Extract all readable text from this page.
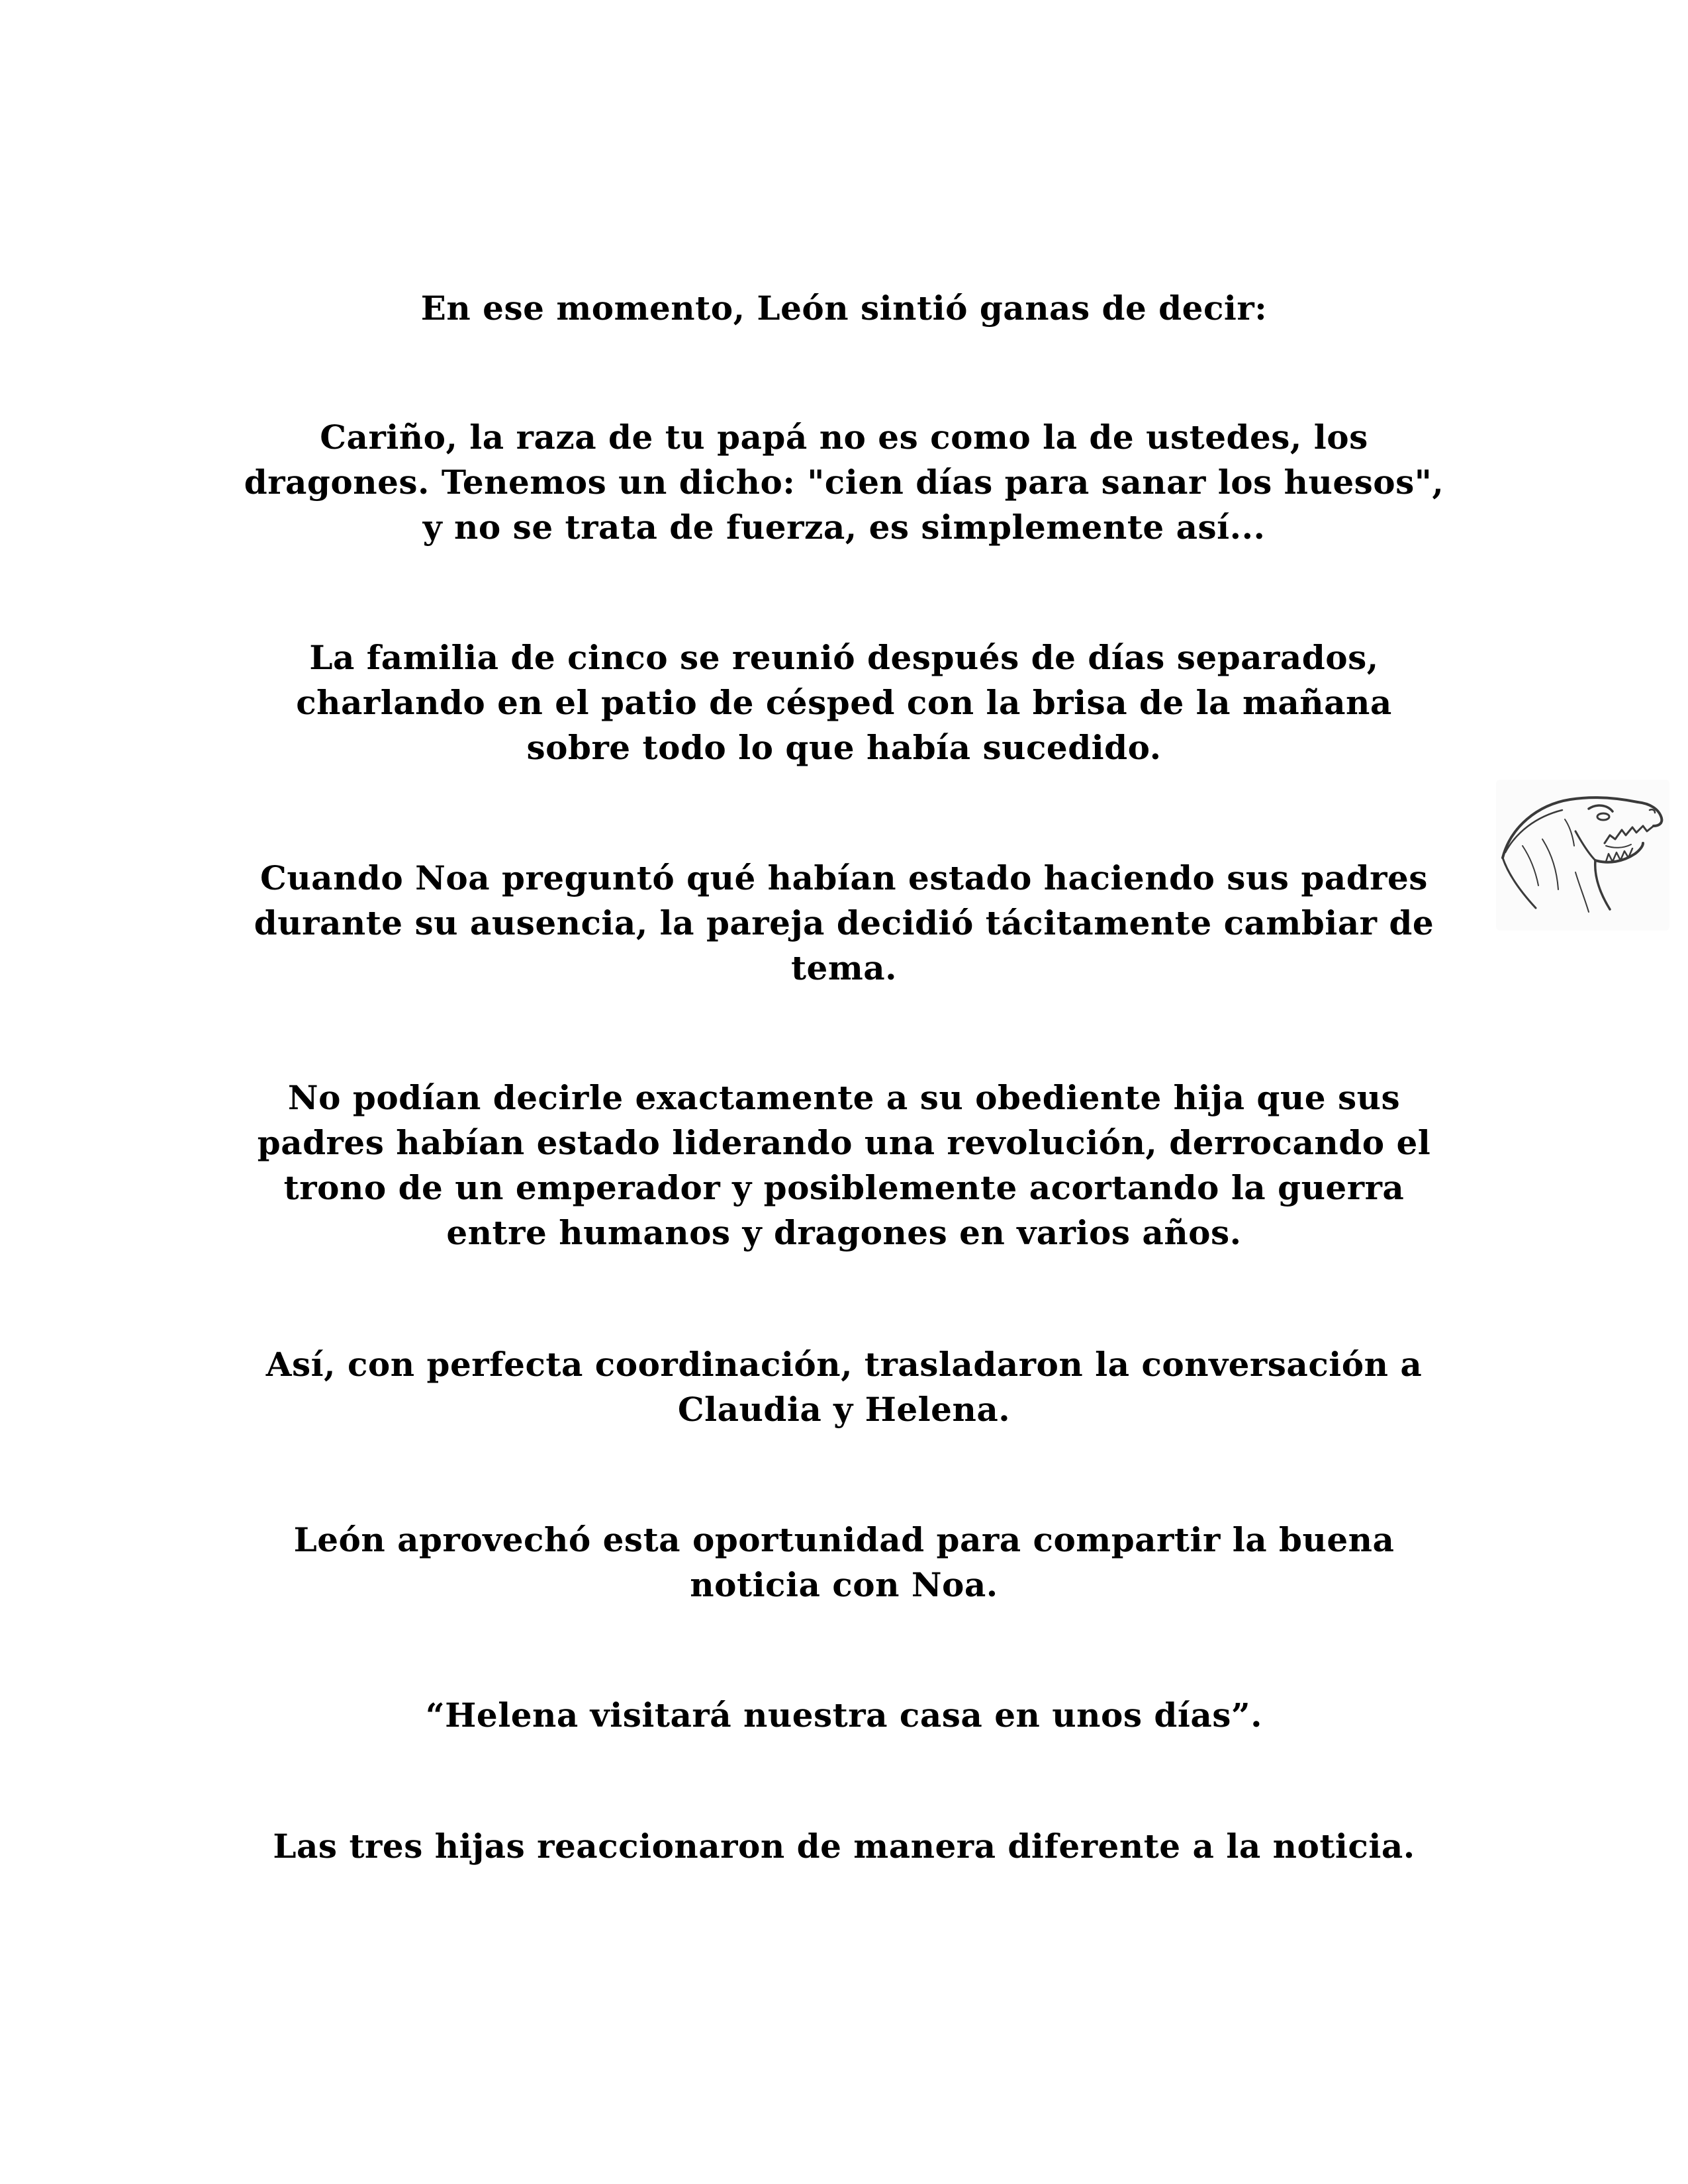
En ese momento, León sintió ganas de decir:

Cariño, la raza de tu papá no es como la de ustedes, los
dragones. Tenemos un dicho: "cien días para sanar los huesos",
y no se trata de fuerza, es simplemente así...

La familia de cinco se reunió después de días separados,
charlando en el patio de césped con la brisa de la mañana
sobre todo lo que había sucedido.

Cuando Noa preguntó qué habían estado haciendo sus padres
durante su ausencia, la pareja decidió tácitamente cambiar de
tema.

No podían decirle exactamente a su obediente hija que sus
padres habían estado liderando una revolución, derrocando el
trono de un emperador y posiblemente acortando la guerra
entre humanos y dragones en varios años.

Así, con perfecta coordinación, trasladaron la conversación a
Claudia y Helena.

León aprovechó esta oportunidad para compartir la buena
noticia con Noa.

“Helena visitará nuestra casa en unos días”.

Las tres hijas reaccionaron de manera diferente a la noticia.
